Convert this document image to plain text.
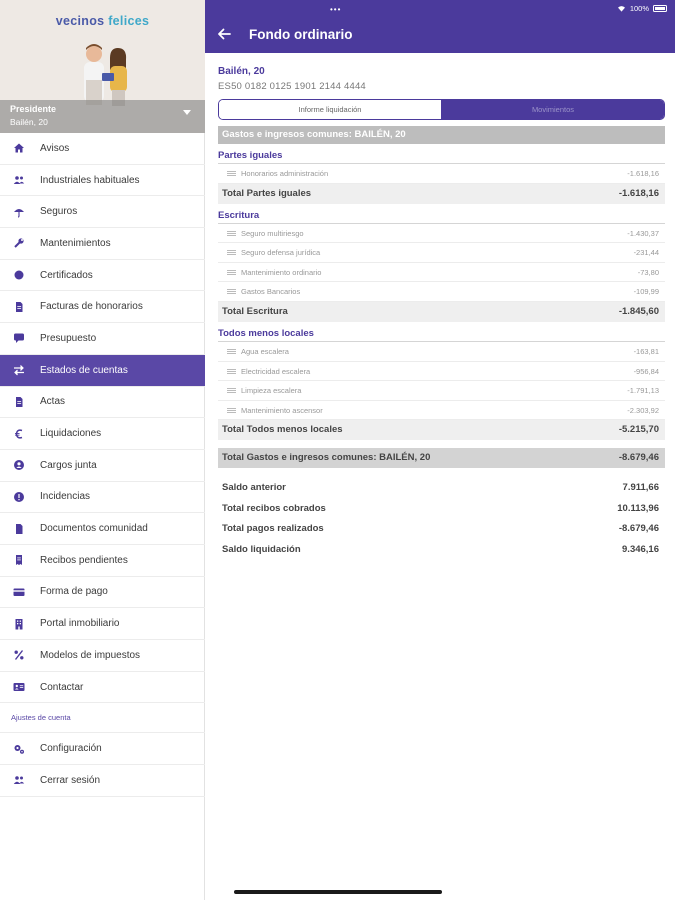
vecinos felices
Presidente
Bailén, 20
Avisos
Industriales habituales
Seguros
Mantenimientos
Certificados
Facturas de honorarios
Presupuesto
Estados de cuentas
Actas
Liquidaciones
Cargos junta
Incidencias
Documentos comunidad
Recibos pendientes
Forma de pago
Portal inmobiliario
Modelos de impuestos
Contactar
Ajustes de cuenta
Configuración
Cerrar sesión
•••	100%
Fondo ordinario
Bailén, 20
ES50 0182 0125 1901 2144 4444
Informe liquidación	Movimientos
Gastos e ingresos comunes: BAILÉN, 20
Partes iguales
Honorarios administración	-1.618,16
Total Partes iguales	-1.618,16
Escritura
Seguro multiriesgo	-1.430,37
Seguro defensa jurídica	-231,44
Mantenimiento ordinario	-73,80
Gastos Bancarios	-109,99
Total Escritura	-1.845,60
Todos menos locales
Agua escalera	-163,81
Electricidad escalera	-956,84
Limpieza escalera	-1.791,13
Mantenimiento ascensor	-2.303,92
Total Todos menos locales	-5.215,70
Total Gastos e ingresos comunes: BAILÉN, 20	-8.679,46
Saldo anterior	7.911,66
Total recibos cobrados	10.113,96
Total pagos realizados	-8.679,46
Saldo liquidación	9.346,16
